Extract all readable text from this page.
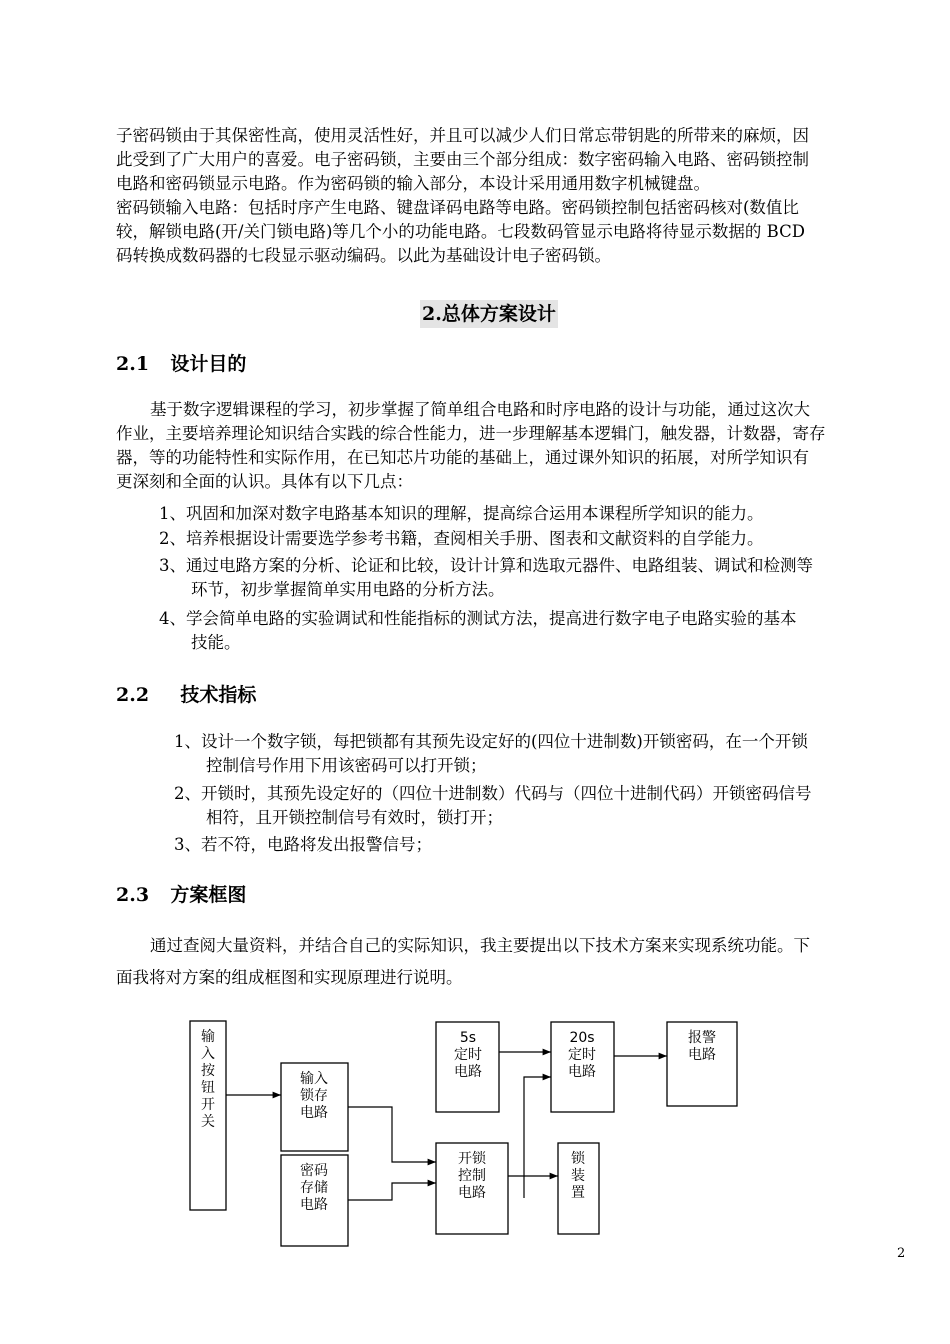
子密码锁由于其保密性高，使用灵活性好，并且可以减少人们日常忘带钥匙的所带来的麻烦，因
此受到了广大用户的喜爱。电子密码锁，主要由三个部分组成：数字密码输入电路、密码锁控制
电路和密码锁显示电路。作为密码锁的输入部分，本设计采用通用数字机械键盘。
密码锁输入电路：包括时序产生电路、键盘译码电路等电路。密码锁控制包括密码核对(数值比
较，解锁电路(开/关门锁电路)等几个小的功能电路。七段数码管显示电路将待显示数据的 BCD
码转换成数码器的七段显示驱动编码。以此为基础设计电子密码锁。

2.总体方案设计
2.1 设计目的

基于数字逻辑课程的学习，初步掌握了简单组合电路和时序电路的设计与功能，通过这次大
作业，主要培养理论知识结合实践的综合性能力，进一步理解基本逻辑门，触发器，计数器，寄存
器，等的功能特性和实际作用，在已知芯片功能的基础上，通过课外知识的拓展，对所学知识有
更深刻和全面的认识。具体有以下几点：

1、巩固和加深对数字电路基本知识的理解，提高综合运用本课程所学知识的能力。

2、培养根据设计需要选学参考书籍，查阅相关手册、图表和文献资料的自学能力。

3、通过电路方案的分析、论证和比较，设计计算和选取元器件、电路组装、调试和检测等
环节，初步掌握简单实用电路的分析方法。

4、学会简单电路的实验调试和性能指标的测试方法，提高进行数字电子电路实验的基本
技能。

2.2 技术指标

1、设计一个数字锁，每把锁都有其预先设定好的(四位十进制数)开锁密码，在一个开锁
控制信号作用下用该密码可以打开锁；

2、开锁时，其预先设定好的（四位十进制数）代码与（四位十进制代码）开锁密码信号
相符，且开锁控制信号有效时，锁打开；

3、若不符，电路将发出报警信号；

2.3 方案框图

通过查阅大量资料，并结合自己的实际知识，我主要提出以下技术方案来实现系统功能。下
面我将对方案的组成框图和实现原理进行说明。

输
入
按
钮
开
关
输入
锁存
电路
密码
存储
电路
开锁
控制
电路
5s
定时
电路
20s
定时
电路
报警
电路
锁
装
置
2
